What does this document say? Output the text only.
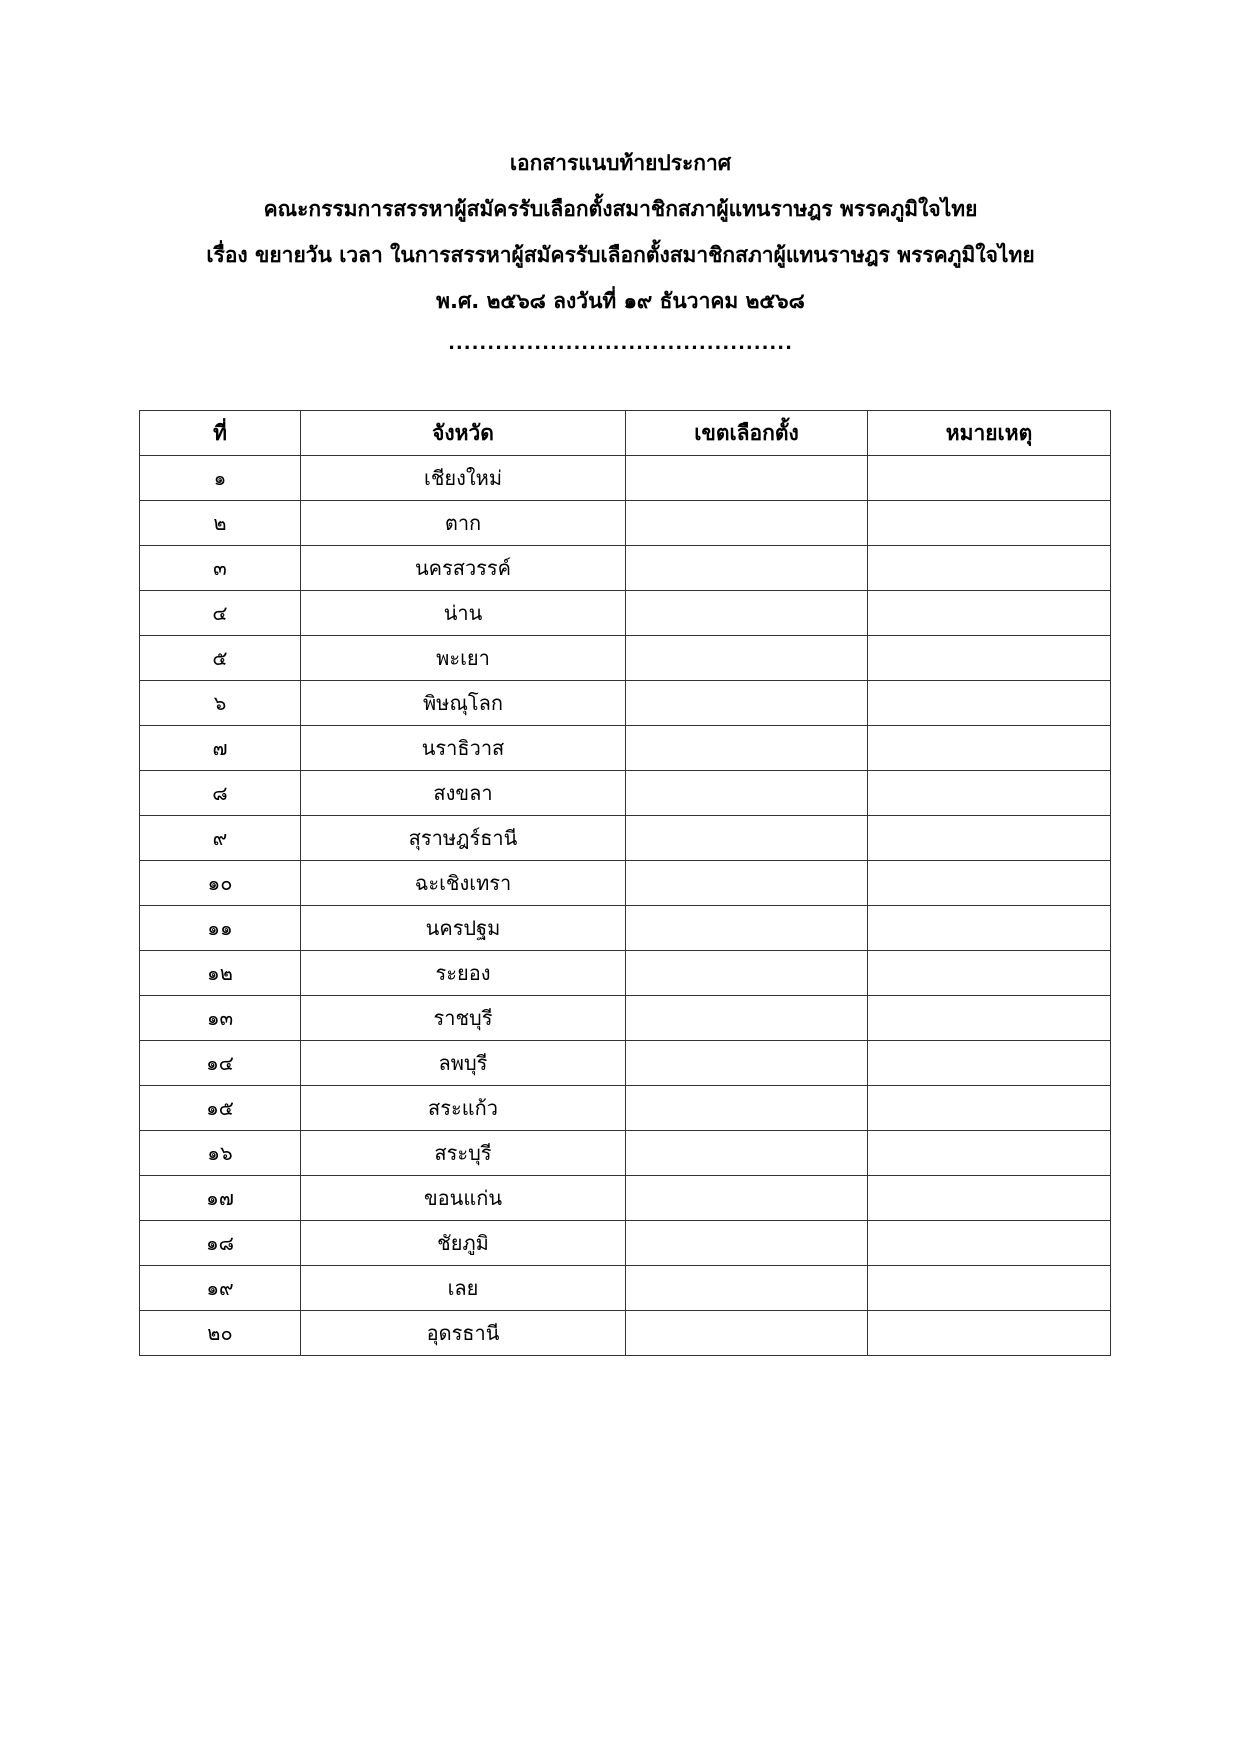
เอกสารแนบท้ายประกาศ
คณะกรรมการสรรหาผู้สมัครรับเลือกตั้งสมาชิกสภาผู้แทนราษฎร พรรคภูมิใจไทย
เรื่อง ขยายวัน เวลา ในการสรรหาผู้สมัครรับเลือกตั้งสมาชิกสภาผู้แทนราษฎร พรรคภูมิใจไทย
พ.ศ. ๒๕๖๘ ลงวันที่ ๑๙ ธันวาคม ๒๕๖๘
............................................
ที่	จังหวัด	เขตเลือกตั้ง	หมายเหตุ
๑	เชียงใหม่		
๒	ตาก		
๓	นครสวรรค์		
๔	น่าน		
๕	พะเยา		
๖	พิษณุโลก		
๗	นราธิวาส		
๘	สงขลา		
๙	สุราษฎร์ธานี		
๑๐	ฉะเชิงเทรา		
๑๑	นครปฐม		
๑๒	ระยอง		
๑๓	ราชบุรี		
๑๔	ลพบุรี		
๑๕	สระแก้ว		
๑๖	สระบุรี		
๑๗	ขอนแก่น		
๑๘	ชัยภูมิ		
๑๙	เลย		
๒๐	อุดรธานี		
